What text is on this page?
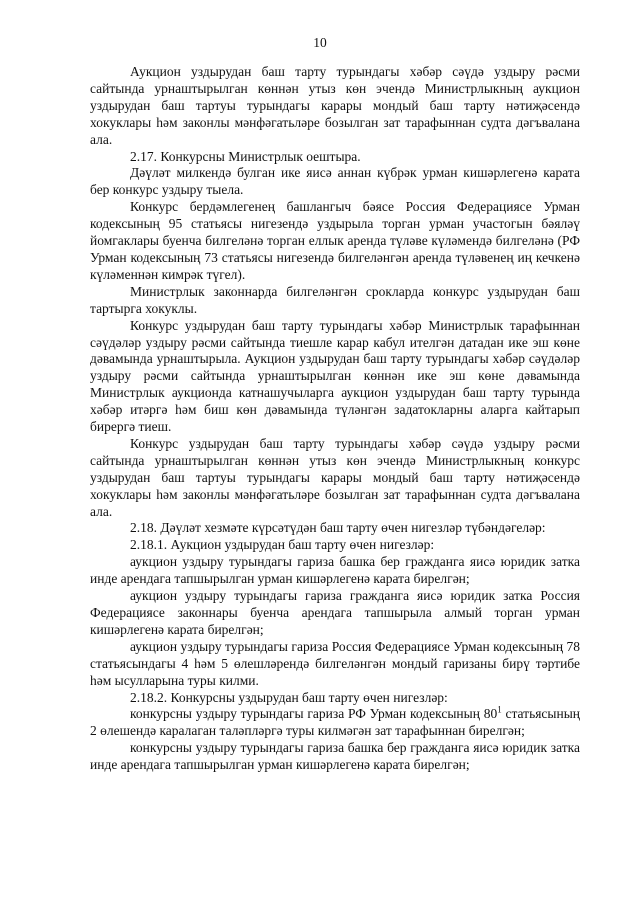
10

Аукцион уздырудан баш тарту турындагы хәбәр сәүдә уздыру рәсми сайтында урнаштырылган көннән утыз көн эчендә Министрлыкның аукцион уздырудан баш тартуы турындагы карары мондый баш тарту нәтиҗәсендә хокуклары һәм законлы мәнфәгатьләре бозылган зат тарафыннан судта дәгъвалана ала.

2.17. Конкурсны Министрлык оештыра.

Дәүләт милкендә булган ике яисә аннан күбрәк урман кишәрлегенә карата бер конкурс уздыру тыела.

Конкурс бердәмлегенең башлангыч бәясе Россия Федерациясе Урман кодексының 95 статьясы нигезендә уздырыла торган урман участогын бәяләү йомгаклары буенча билгеләнә торган еллык аренда түләве күләмендә билгеләнә (РФ Урман кодексының 73 статьясы нигезендә билгеләнгән аренда түләвенең иң кечкенә күләменнән кимрәк түгел).

Министрлык законнарда билгеләнгән срокларда конкурс уздырудан баш тартырга хокуклы.

Конкурс уздырудан баш тарту турындагы хәбәр Министрлык тарафыннан сәүдәләр уздыру рәсми сайтында тиешле карар кабул ителгән датадан ике эш көне дәвамында урнаштырыла. Аукцион уздырудан баш тарту турындагы хәбәр сәүдәләр уздыру рәсми сайтында урнаштырылган көннән ике эш көне дәвамында Министрлык аукционда катнашучыларга аукцион уздырудан баш тарту турында хәбәр итәргә һәм биш көн дәвамында түләнгән задатокларны аларга кайтарып бирергә тиеш.

Конкурс уздырудан баш тарту турындагы хәбәр сәүдә уздыру рәсми сайтында урнаштырылган көннән утыз көн эчендә Министрлыкның конкурс уздырудан баш тартуы турындагы карары мондый баш тарту нәтиҗәсендә хокуклары һәм законлы мәнфәгатьләре бозылган зат тарафыннан судта дәгъвалана ала.

2.18. Дәүләт хезмәте күрсәтүдән баш тарту өчен нигезләр түбәндәгеләр:

2.18.1. Аукцион уздырудан баш тарту өчен нигезләр:

аукцион уздыру турындагы гариза башка бер гражданга яисә юридик затка инде арендага тапшырылган урман кишәрлегенә карата бирелгән;

аукцион уздыру турындагы гариза гражданга яисә юридик затка Россия Федерациясе законнары буенча арендага тапшырыла алмый торган урман кишәрлегенә карата бирелгән;

аукцион уздыру турындагы гариза Россия Федерациясе Урман кодексының 78 статьясындагы 4 һәм 5 өлешләрендә билгеләнгән мондый гаризаны бирү тәртибе һәм ысулларына туры килми.

2.18.2. Конкурсны уздырудан баш тарту өчен нигезләр:

конкурсны уздыру турындагы гариза РФ Урман кодексының $80^1$ статьясының 2 өлешендә каралаган таләпләргә туры килмәгән зат тарафыннан бирелгән;

конкурсны уздыру турындагы гариза башка бер гражданга яисә юридик затка инде арендага тапшырылган урман кишәрлегенә карата бирелгән;
